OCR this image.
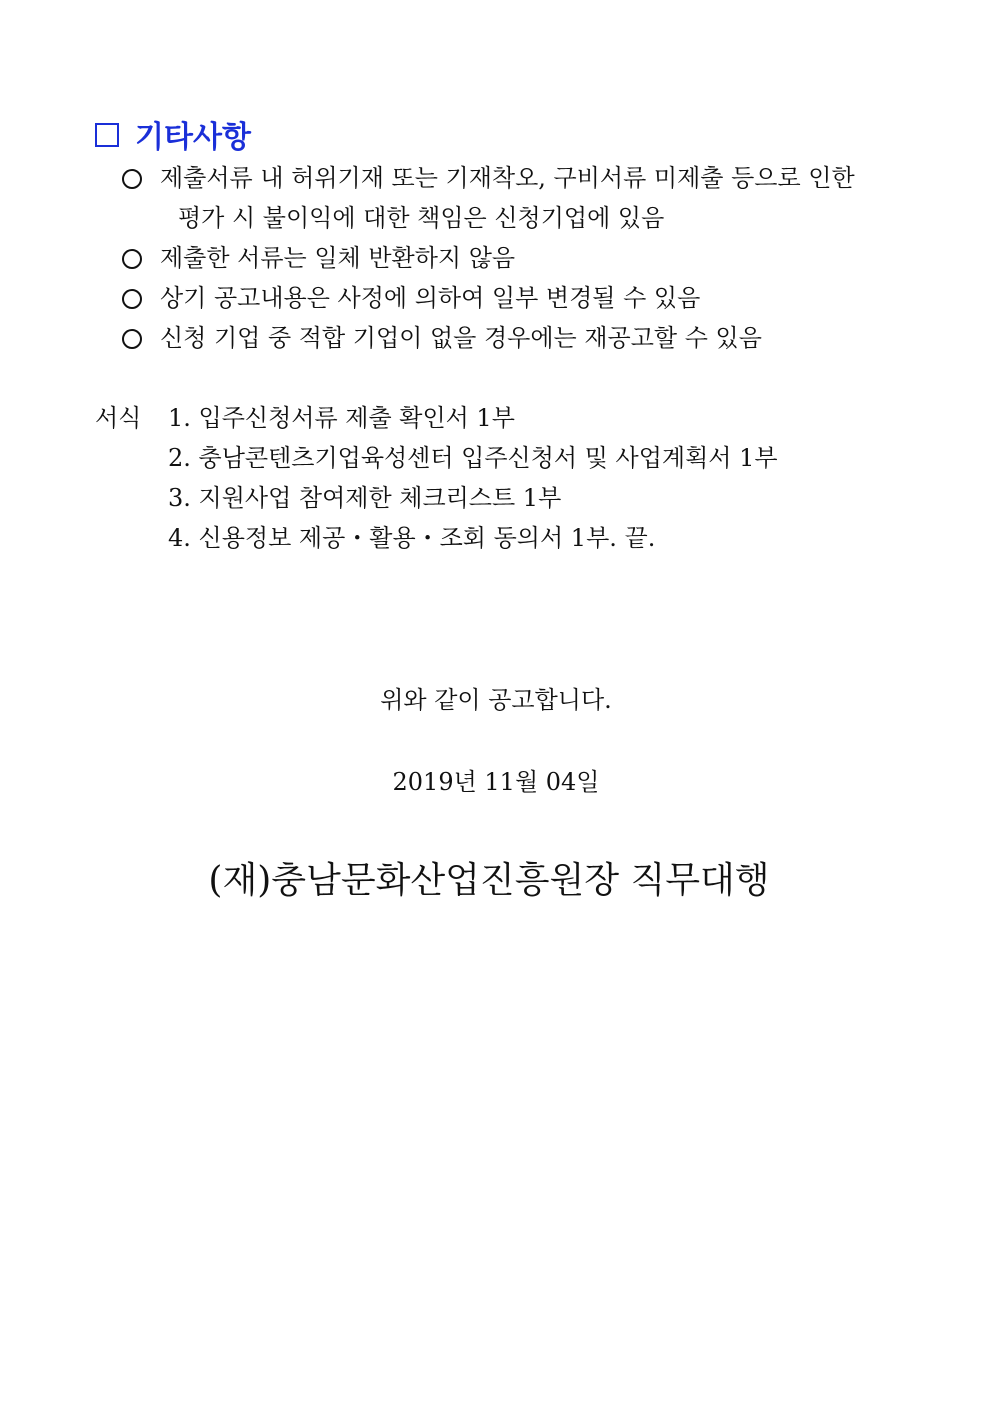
기타사항
제출서류 내 허위기재 또는 기재착오, 구비서류 미제출 등으로 인한
평가 시 불이익에 대한 책임은 신청기업에 있음
제출한 서류는 일체 반환하지 않음
상기 공고내용은 사정에 의하여 일부 변경될 수 있음
신청 기업 중 적합 기업이 없을 경우에는 재공고할 수 있음
서식 1. 입주신청서류 제출 확인서 1부
2. 충남콘텐츠기업육성센터 입주신청서 및 사업계획서 1부
3. 지원사업 참여제한 체크리스트 1부
4. 신용정보 제공・활용・조회 동의서 1부. 끝.
위와 같이 공고합니다.
2019년 11월 04일
(재)충남문화산업진흥원장 직무대행
